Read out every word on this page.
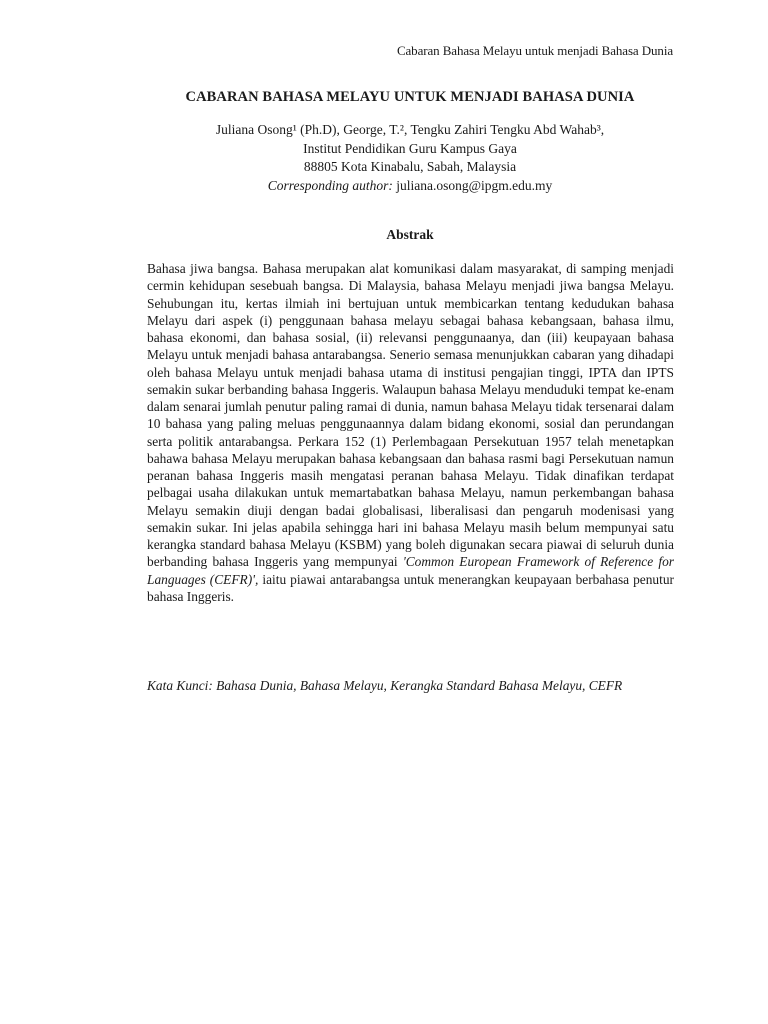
Cabaran Bahasa Melayu untuk menjadi Bahasa Dunia
CABARAN BAHASA MELAYU UNTUK MENJADI BAHASA DUNIA
Juliana Osong¹ (Ph.D), George, T.², Tengku Zahiri Tengku Abd Wahab³,
Institut Pendidikan Guru Kampus Gaya
88805 Kota Kinabalu, Sabah, Malaysia
Corresponding author: juliana.osong@ipgm.edu.my
Abstrak
Bahasa jiwa bangsa. Bahasa merupakan alat komunikasi dalam masyarakat, di samping menjadi cermin kehidupan sesebuah bangsa. Di Malaysia, bahasa Melayu menjadi jiwa bangsa Melayu. Sehubungan itu, kertas ilmiah ini bertujuan untuk membicarkan tentang kedudukan bahasa Melayu dari aspek (i) penggunaan bahasa melayu sebagai bahasa kebangsaan, bahasa ilmu, bahasa ekonomi, dan bahasa sosial, (ii) relevansi penggunaanya, dan (iii) keupayaan bahasa Melayu untuk menjadi bahasa antarabangsa. Senerio semasa menunjukkan cabaran yang dihadapi oleh bahasa Melayu untuk menjadi bahasa utama di institusi pengajian tinggi, IPTA dan IPTS semakin sukar berbanding bahasa Inggeris. Walaupun bahasa Melayu menduduki tempat ke-enam dalam senarai jumlah penutur paling ramai di dunia, namun bahasa Melayu tidak tersenarai dalam 10 bahasa yang paling meluas penggunaannya dalam bidang ekonomi, sosial dan perundangan serta politik antarabangsa. Perkara 152 (1) Perlembagaan Persekutuan 1957 telah menetapkan bahawa bahasa Melayu merupakan bahasa kebangsaan dan bahasa rasmi bagi Persekutuan namun peranan bahasa Inggeris masih mengatasi peranan bahasa Melayu. Tidak dinafikan terdapat pelbagai usaha dilakukan untuk memartabatkan bahasa Melayu, namun perkembangan bahasa Melayu semakin diuji dengan badai globalisasi, liberalisasi dan pengaruh modenisasi yang semakin sukar. Ini jelas apabila sehingga hari ini bahasa Melayu masih belum mempunyai satu kerangka standard bahasa Melayu (KSBM) yang boleh digunakan secara piawai di seluruh dunia berbanding bahasa Inggeris yang mempunyai 'Common European Framework of Reference for Languages (CEFR)', iaitu piawai antarabangsa untuk menerangkan keupayaan berbahasa penutur bahasa Inggeris.
Kata Kunci: Bahasa Dunia, Bahasa Melayu, Kerangka Standard Bahasa Melayu, CEFR
